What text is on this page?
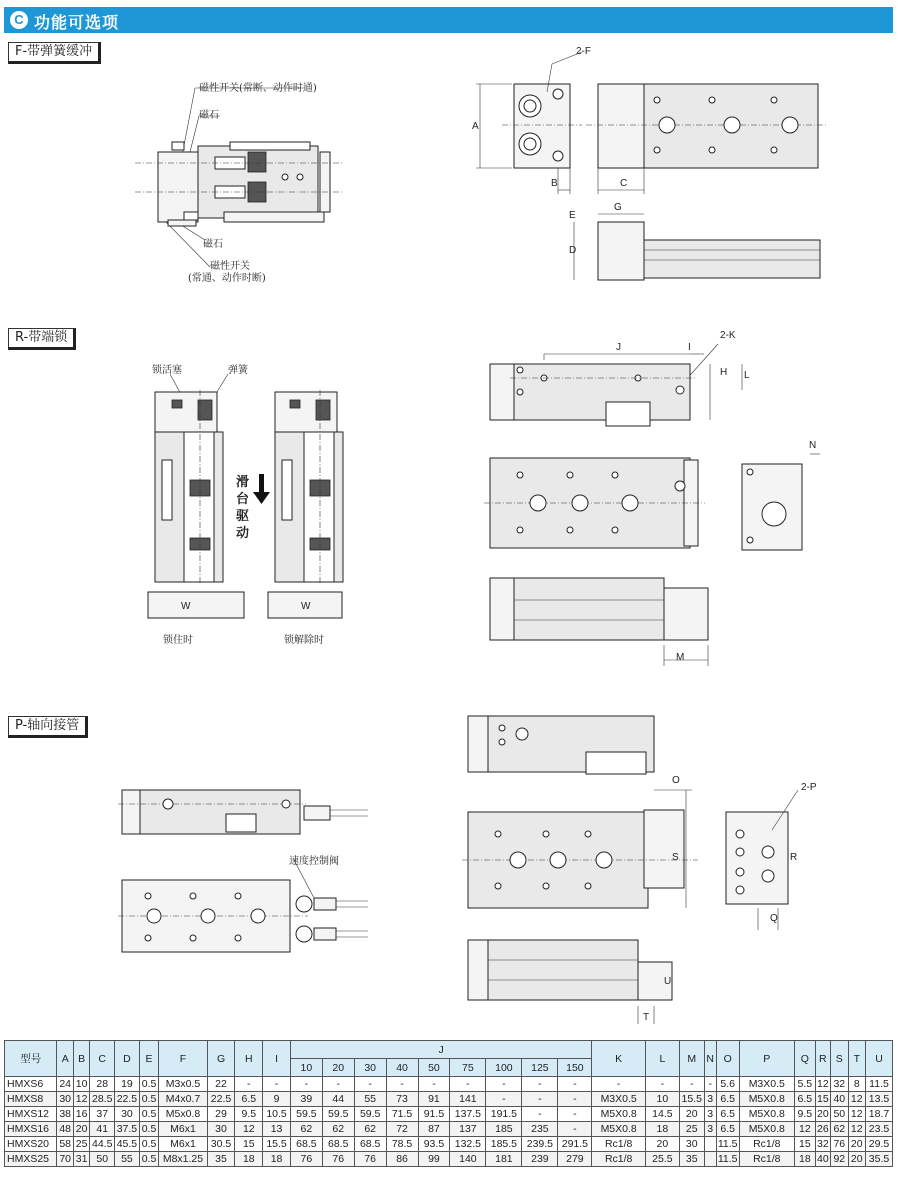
C 功能可选项
F-带弹簧缓冲
磁性开关(常断、动作时通)
磁石
磁石
磁性开关
(常通、动作时断)
2-F
A
B	C
G
E
D
R-带端锁
锁活塞	弹簧
滑
台
驱
动
W	W
锁住时	锁解除时
J	I
2-K
H L
N
M
P-轴向接管
速度控制阀
O
2-P
R
S
Q
U
T
型号	A	B	C	D	E	F	G	H	I	J									K	L	M	N	O	P	Q	R	S	T	U
										10	20	30	40	50	75	100	125	150											
HMXS6	24	10	28	19	0.5	M3x0.5	22	-	-	-	-	-	-	-	-	-	-	-	-	-	-	-	5.6	M3X0.5	5.5	12	32	8	11.5
HMXS8	30	12	28.5	22.5	0.5	M4x0.7	22.5	6.5	9	39	44	55	73	91	141	-	-	-	M3X0.5	10	15.5	3	6.5	M5X0.8	6.5	15	40	12	13.5
HMXS12	38	16	37	30	0.5	M5x0.8	29	9.5	10.5	59.5	59.5	59.5	71.5	91.5	137.5	191.5	-	-	M5X0.8	14.5	20	3	6.5	M5X0.8	9.5	20	50	12	18.7
HMXS16	48	20	41	37.5	0.5	M6x1	30	12	13	62	62	62	72	87	137	185	235	-	M5X0.8	18	25	3	6.5	M5X0.8	12	26	62	12	23.5
HMXS20	58	25	44.5	45.5	0.5	M6x1	30.5	15	15.5	68.5	68.5	68.5	78.5	93.5	132.5	185.5	239.5	291.5	Rc1/8	20	30		11.5	Rc1/8	15	32	76	20	29.5
HMXS25	70	31	50	55	0.5	M8x1.25	35	18	18	76	76	76	86	99	140	181	239	279	Rc1/8	25.5	35		11.5	Rc1/8	18	40	92	20	35.5
